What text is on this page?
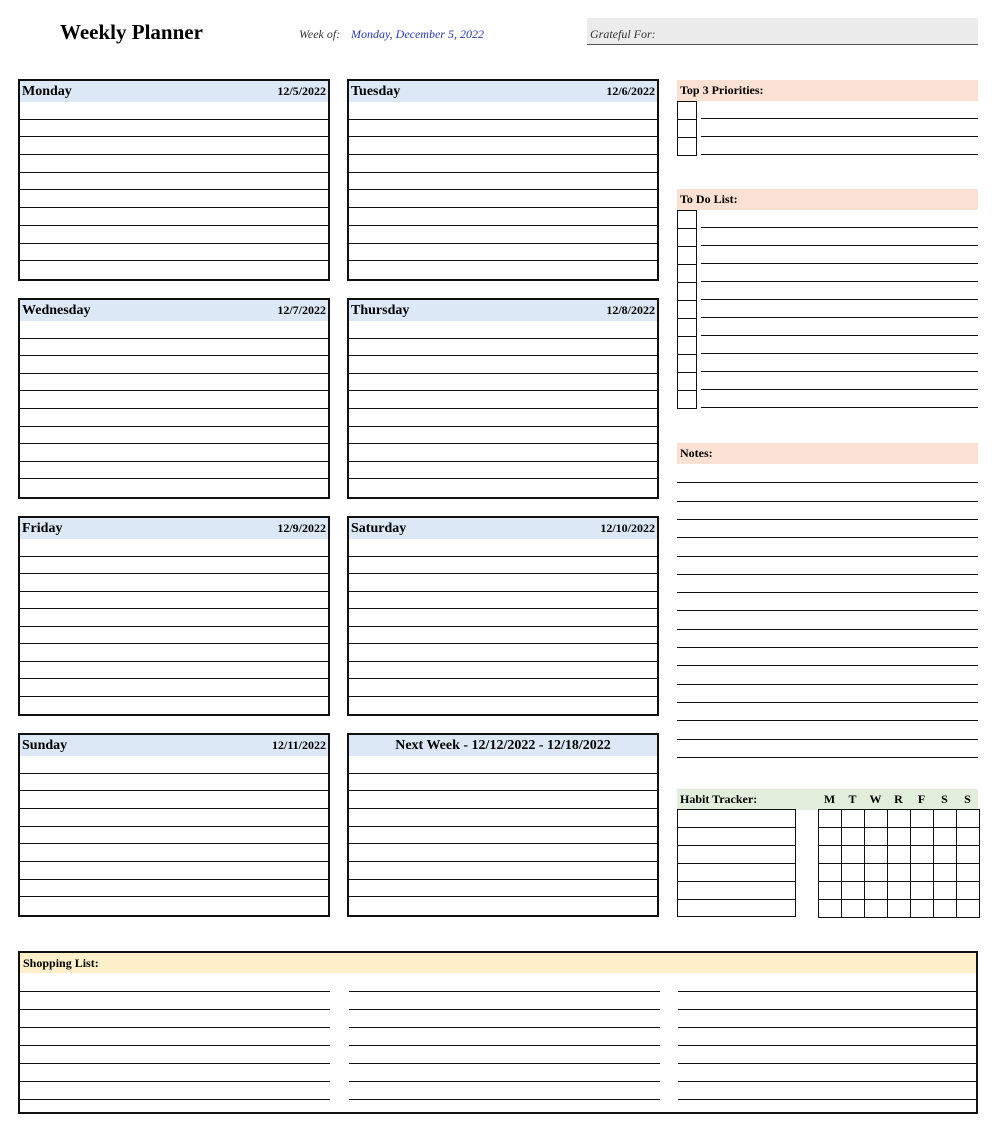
Weekly Planner	Week of: Monday, December 5, 2022	Grateful For:
Monday	12/5/2022 Tuesday	12/6/2022
Wednesday	12/7/2022 Thursday	12/8/2022
Friday	12/9/2022 Saturday	12/10/2022
Sunday	12/11/2022	Next Week - 12/12/2022 - 12/18/2022
Top 3 Priorities:
To Do List:
Notes:
Habit Tracker:	M	T	W	R	F	S	S

Shopping List:
